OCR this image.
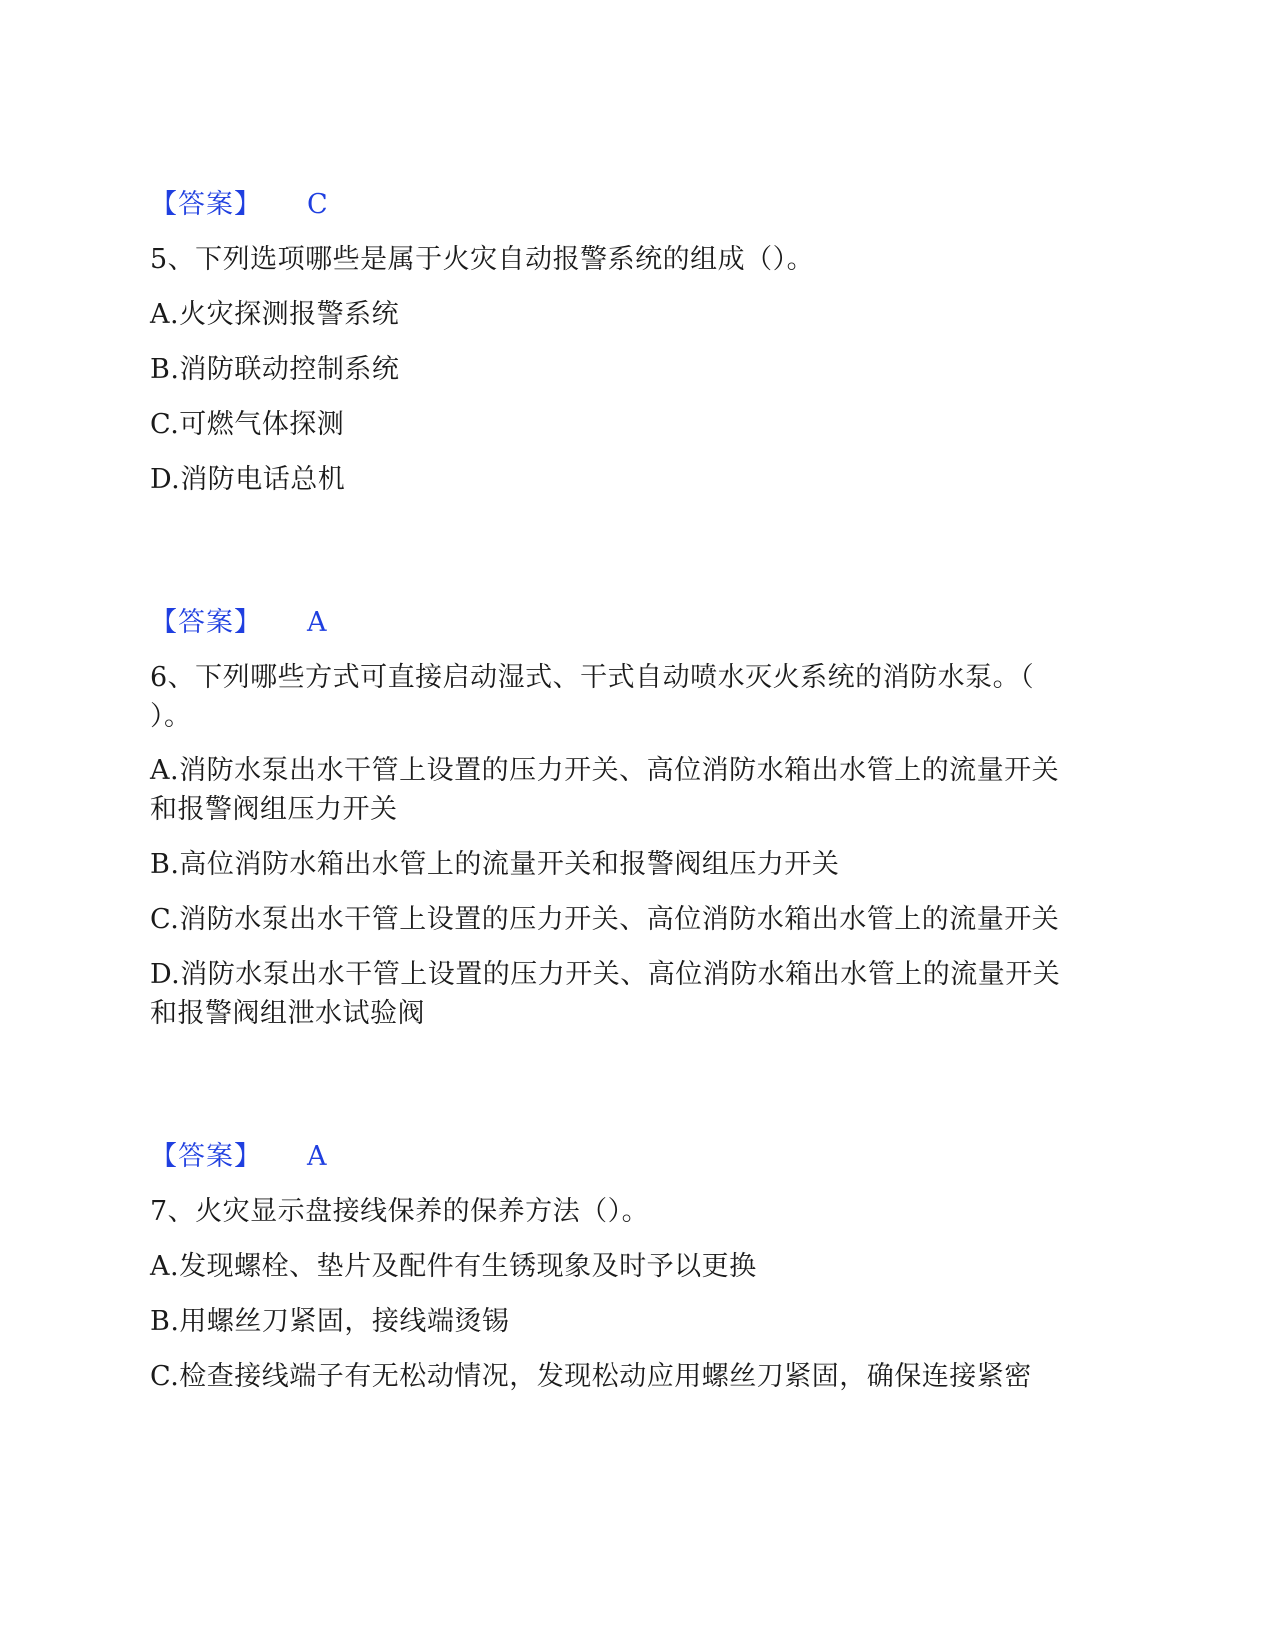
【答案】 C
5、下列选项哪些是属于火灾自动报警系统的组成（）。
A.火灾探测报警系统
B.消防联动控制系统
C.可燃气体探测
D.消防电话总机
【答案】 A
6、下列哪些方式可直接启动湿式、干式自动喷水灭火系统的消防水泵。（
）。
A.消防水泵出水干管上设置的压力开关、高位消防水箱出水管上的流量开关
和报警阀组压力开关
B.高位消防水箱出水管上的流量开关和报警阀组压力开关
C.消防水泵出水干管上设置的压力开关、高位消防水箱出水管上的流量开关
D.消防水泵出水干管上设置的压力开关、高位消防水箱出水管上的流量开关
和报警阀组泄水试验阀
【答案】 A
7、火灾显示盘接线保养的保养方法（）。
A.发现螺栓、垫片及配件有生锈现象及时予以更换
B.用螺丝刀紧固，接线端烫锡
C.检查接线端子有无松动情况，发现松动应用螺丝刀紧固，确保连接紧密
